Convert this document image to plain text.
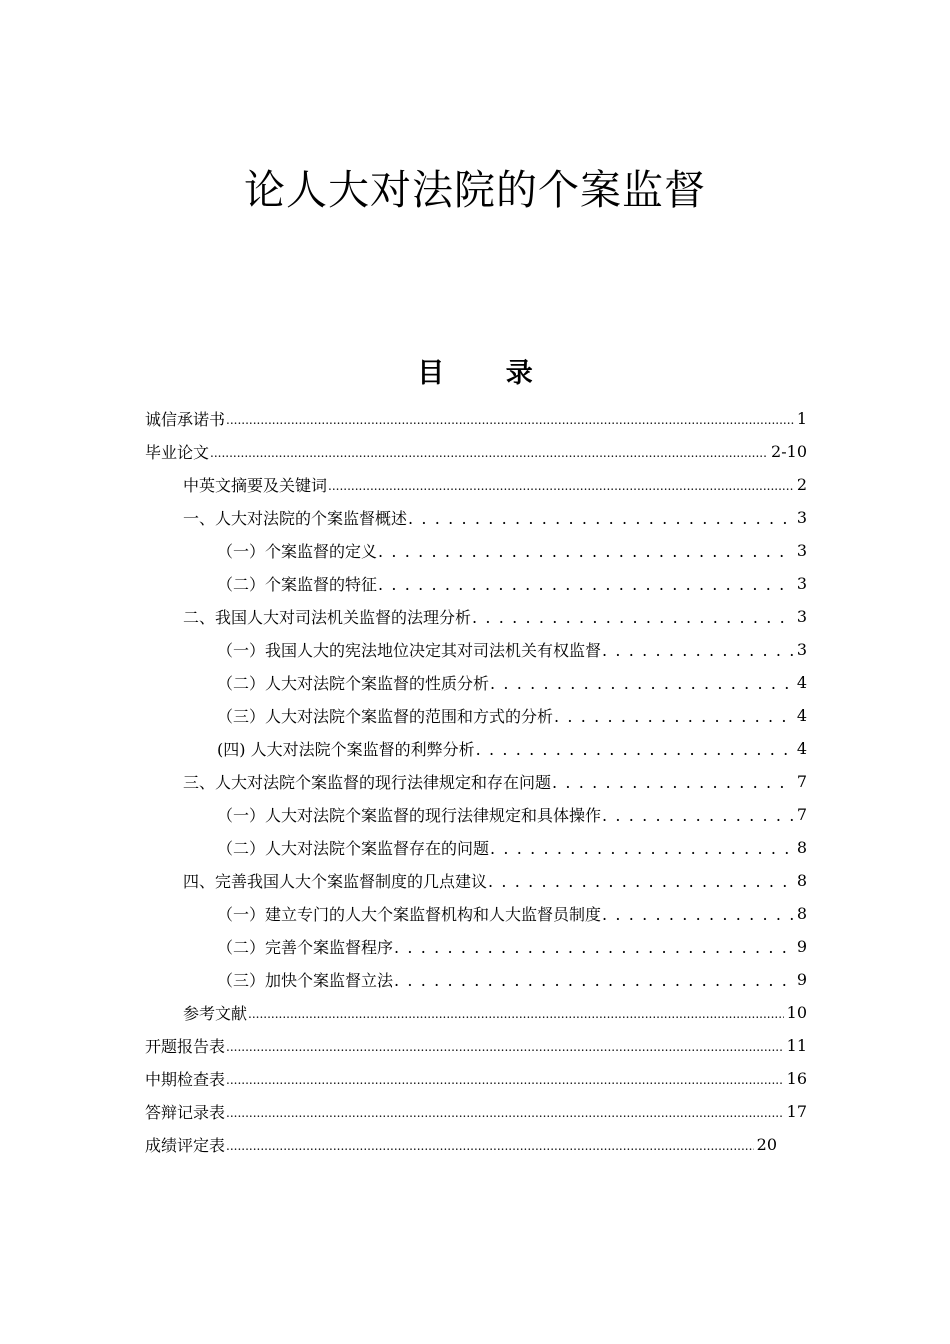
论人大对法院的个案监督
目 录
诚信承诺书 .....	1
毕业论文 .....	2-10
中英文摘要及关键词 .....	2
一、人大对法院的个案监督概述 . . .	3
（一）个案监督的定义 . . .	3
（二）个案监督的特征 . . .	3
二、我国人大对司法机关监督的法理分析 . . .	3
（一）我国人大的宪法地位决定其对司法机关有权监督 . . .	3
（二）人大对法院个案监督的性质分析 . . .	4
（三）人大对法院个案监督的范围和方式的分析 . . .	4
(四) 人大对法院个案监督的利弊分析 . . .	4
三、人大对法院个案监督的现行法律规定和存在问题 . . .	7
（一）人大对法院个案监督的现行法律规定和具体操作 . . .	7
（二）人大对法院个案监督存在的问题 . . .	8
四、完善我国人大个案监督制度的几点建议 . . .	8
（一）建立专门的人大个案监督机构和人大监督员制度 . . .	8
（二）完善个案监督程序 . . .	9
（三）加快个案监督立法 . . .	9
参考文献 .....	10
开题报告表 .....	11
中期检查表 .....	16
答辩记录表 .....	17
成绩评定表 .....	20
